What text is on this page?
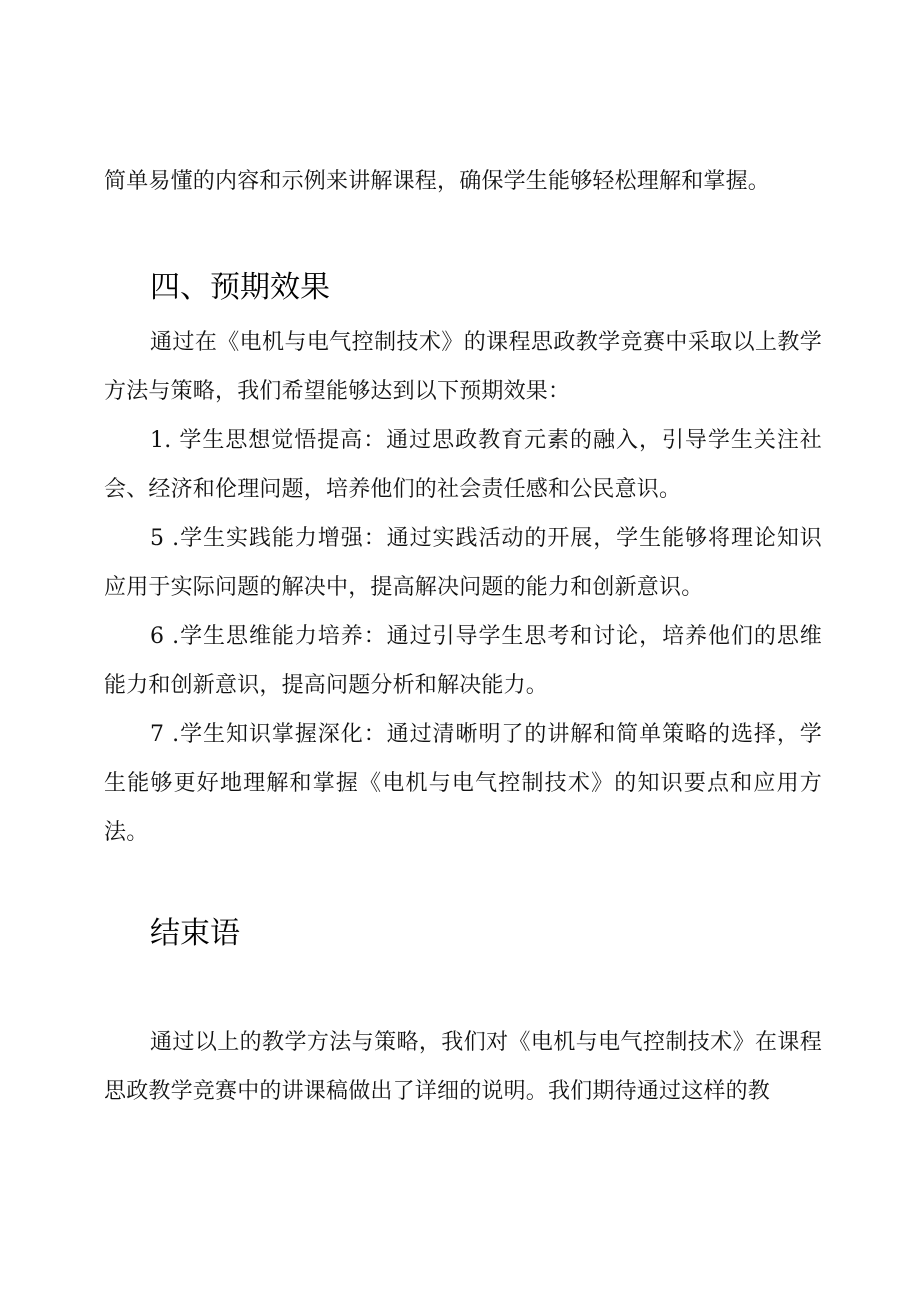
简单易懂的内容和示例来讲解课程，确保学生能够轻松理解和掌握。

四、预期效果

通过在《电机与电气控制技术》的课程思政教学竞赛中采取以上教学方法与策略，我们希望能够达到以下预期效果：

1. 学生思想觉悟提高：通过思政教育元素的融入，引导学生关注社会、经济和伦理问题，培养他们的社会责任感和公民意识。

5 .学生实践能力增强：通过实践活动的开展，学生能够将理论知识应用于实际问题的解决中，提高解决问题的能力和创新意识。

6 .学生思维能力培养：通过引导学生思考和讨论，培养他们的思维能力和创新意识，提高问题分析和解决能力。

7 .学生知识掌握深化：通过清晰明了的讲解和简单策略的选择，学生能够更好地理解和掌握《电机与电气控制技术》的知识要点和应用方法。

结束语

通过以上的教学方法与策略，我们对《电机与电气控制技术》在课程思政教学竞赛中的讲课稿做出了详细的说明。我们期待通过这样的教
